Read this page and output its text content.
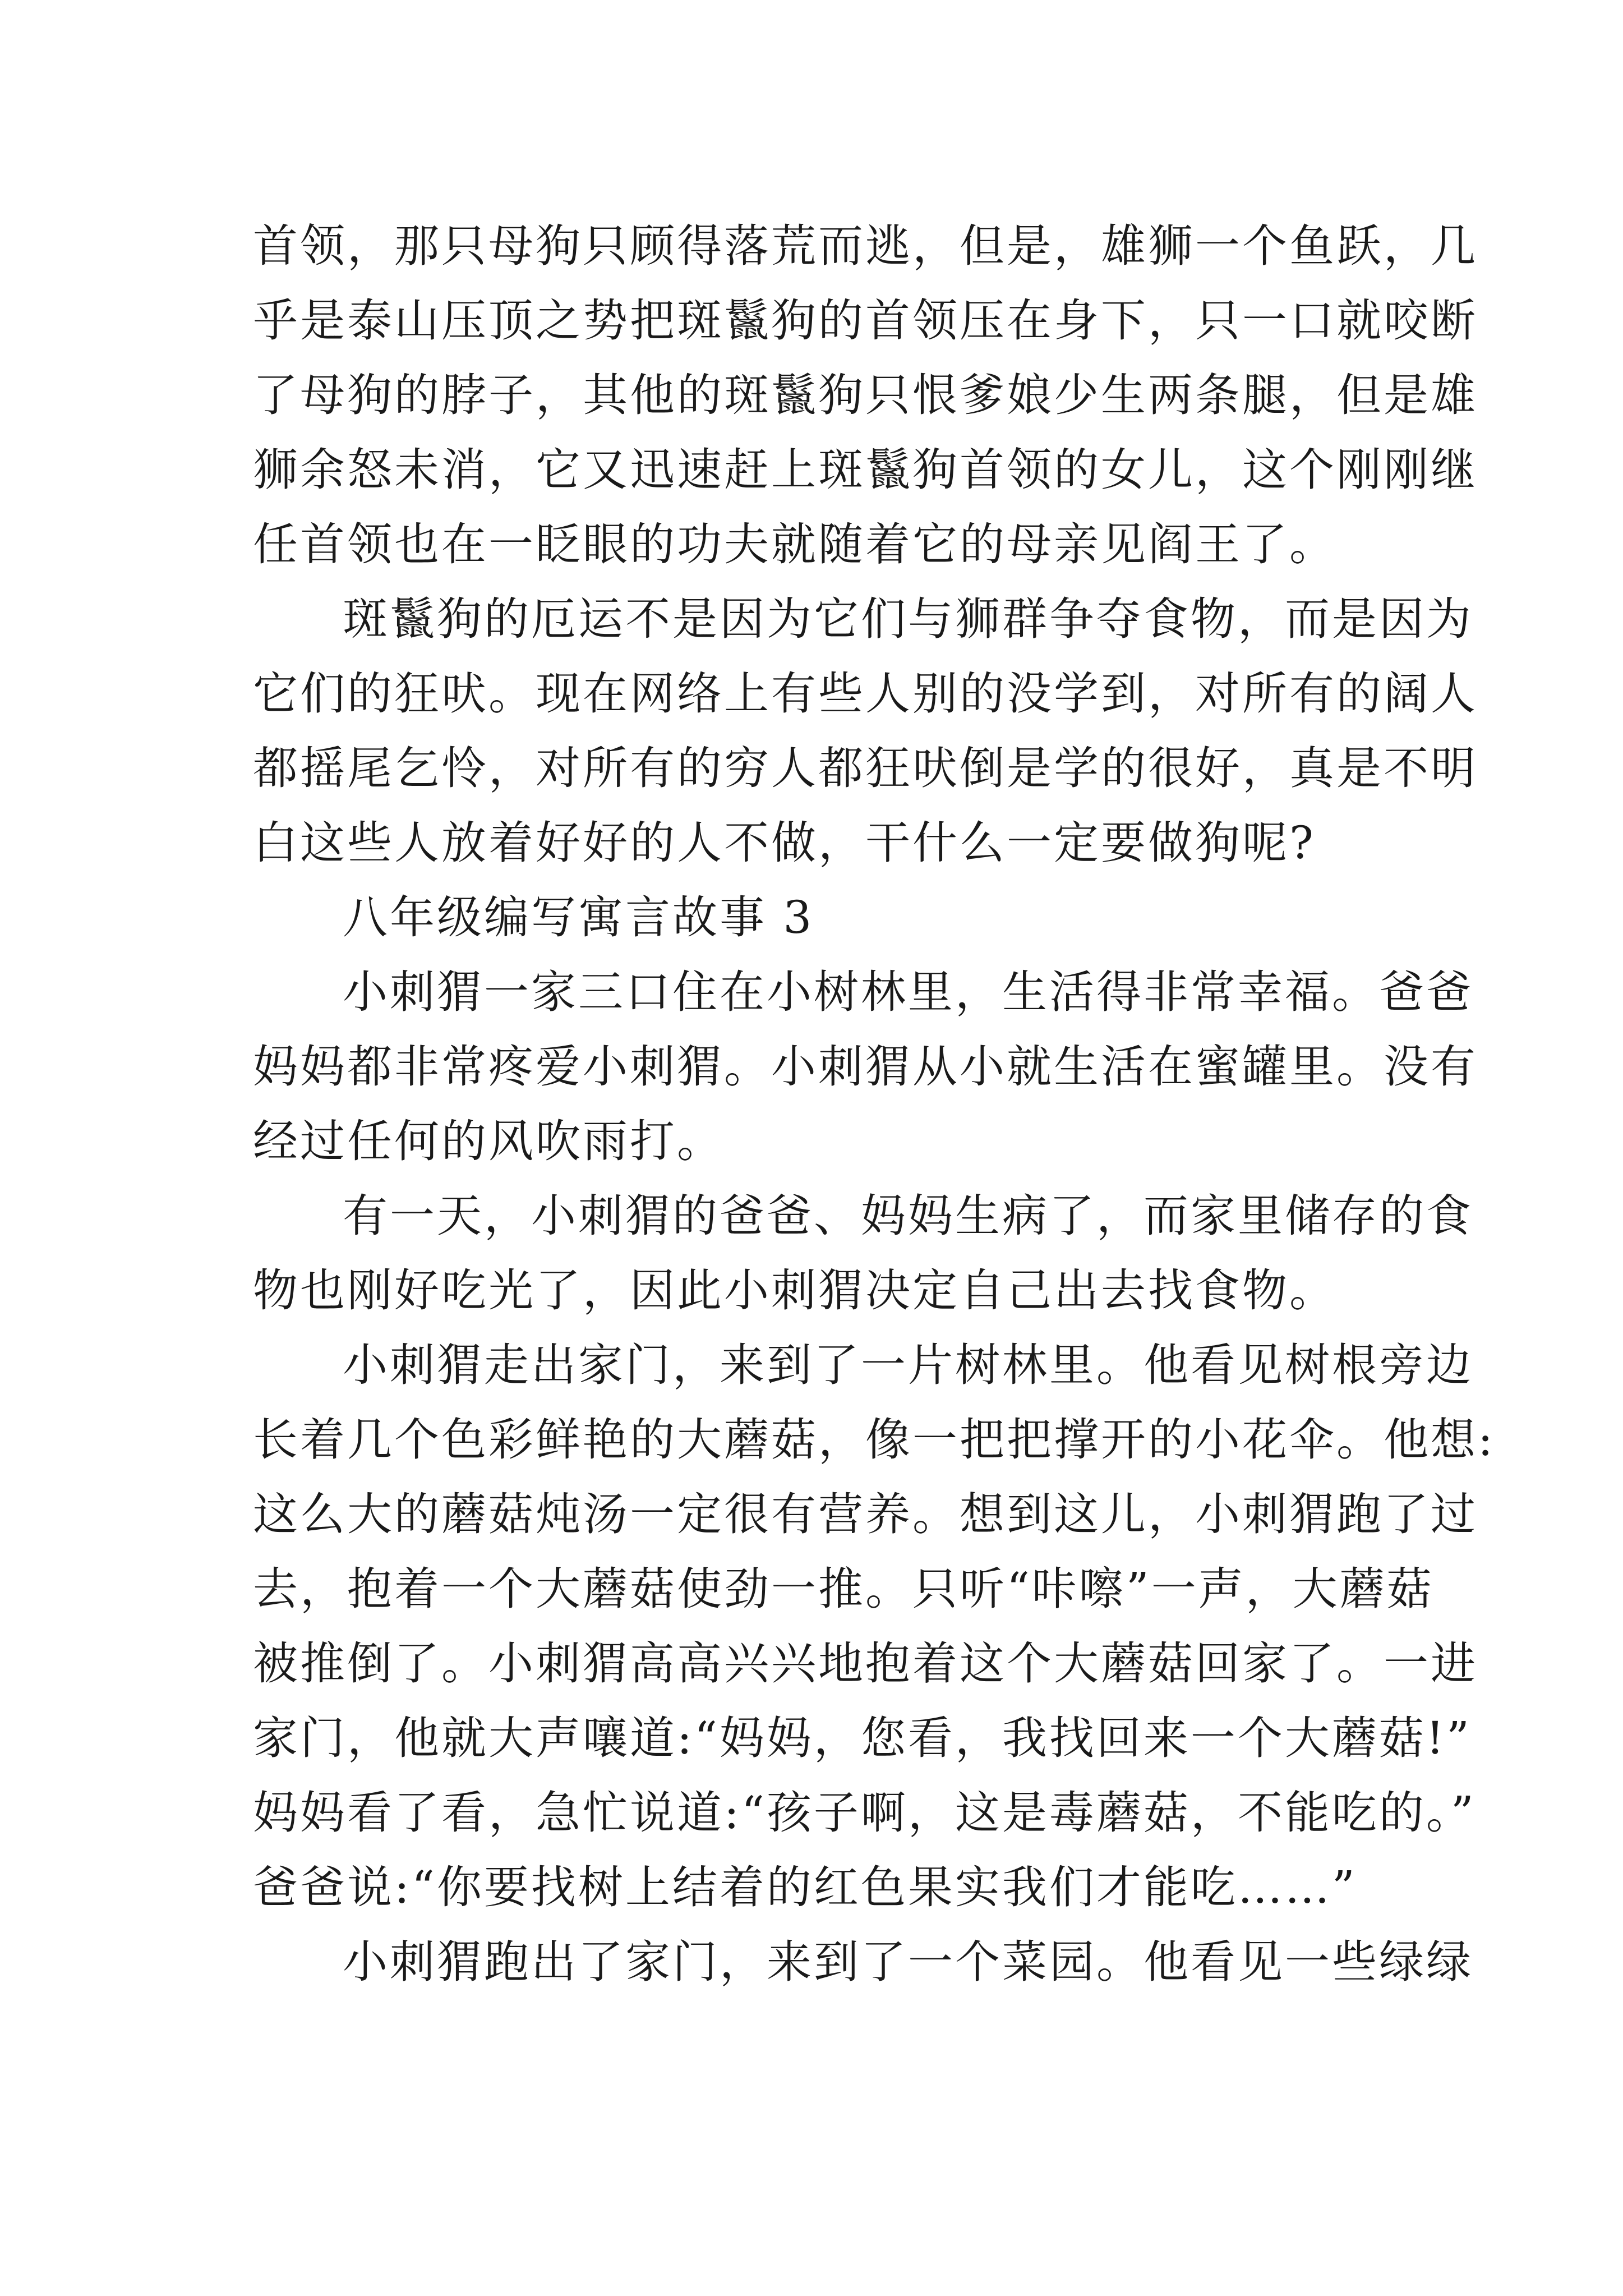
首领，那只母狗只顾得落荒而逃，但是，雄狮一个鱼跃，几
乎是泰山压顶之势把斑鬣狗的首领压在身下，只一口就咬断
了母狗的脖子，其他的斑鬣狗只恨爹娘少生两条腿，但是雄
狮余怒未消，它又迅速赶上斑鬣狗首领的女儿，这个刚刚继
任首领也在一眨眼的功夫就随着它的母亲见阎王了。
斑鬣狗的厄运不是因为它们与狮群争夺食物，而是因为
它们的狂吠。现在网络上有些人别的没学到，对所有的阔人
都摇尾乞怜，对所有的穷人都狂吠倒是学的很好，真是不明
白这些人放着好好的人不做，干什么一定要做狗呢?
八年级编写寓言故事 3
小刺猬一家三口住在小树林里，生活得非常幸福。爸爸
妈妈都非常疼爱小刺猬。小刺猬从小就生活在蜜罐里。没有
经过任何的风吹雨打。
有一天，小刺猬的爸爸、妈妈生病了，而家里储存的食
物也刚好吃光了，因此小刺猬决定自己出去找食物。
小刺猬走出家门，来到了一片树林里。他看见树根旁边
长着几个色彩鲜艳的大蘑菇，像一把把撑开的小花伞。他想:
这么大的蘑菇炖汤一定很有营养。想到这儿，小刺猬跑了过
去，抱着一个大蘑菇使劲一推。只听“咔嚓”一声，大蘑菇
被推倒了。小刺猬高高兴兴地抱着这个大蘑菇回家了。一进
家门，他就大声嚷道:“妈妈，您看，我找回来一个大蘑菇!”
妈妈看了看，急忙说道:“孩子啊，这是毒蘑菇，不能吃的。”
爸爸说:“你要找树上结着的红色果实我们才能吃……”
小刺猬跑出了家门，来到了一个菜园。他看见一些绿绿
